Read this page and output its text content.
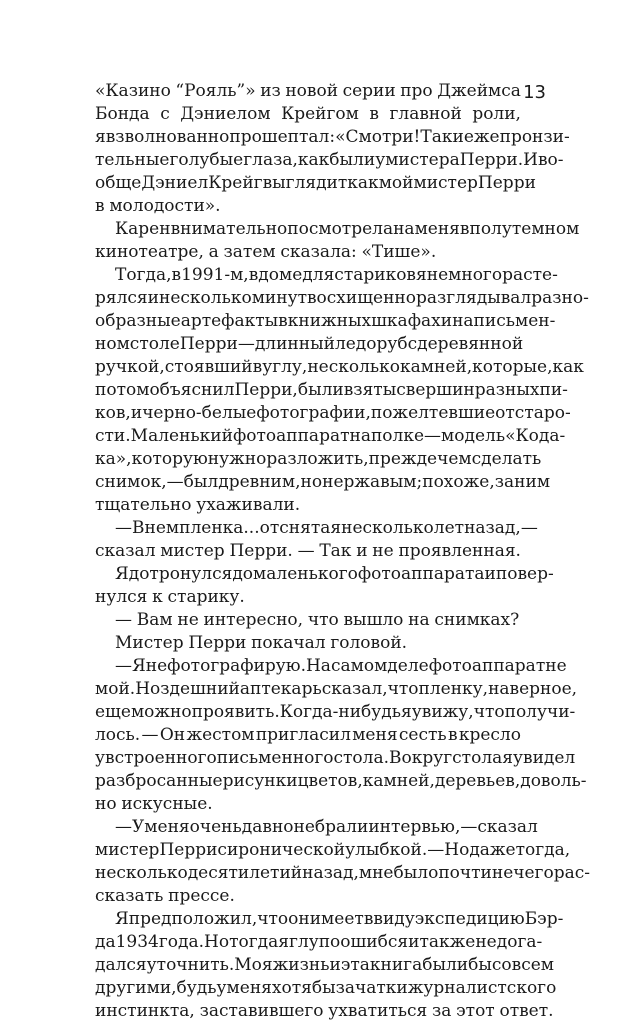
13
«Казино “Рояль”» из новой серии про Джеймса
Бонда с Дэниелом Крейгом в главной роли,
я взволнованно прошептал: «Смотри! Такие же пронзи-
тельные голубые глаза, как были у мистера Перри. И во-
обще Дэниел Крейг выглядит как мой мистер Перри
в молодости».
Карен внимательно посмотрела на меня в полутемном
кинотеатре, а затем сказала: «Тише».
Тогда, в 1991-м, в доме для стариков я немного расте-
рялся и несколько минут восхищенно разглядывал разно-
образные артефакты в книжных шкафах и на письмен-
ном столе Перри — длинный ледоруб с деревянной
ручкой, стоявший в углу, несколько камней, которые, как
потом объяснил Перри, были взяты с вершин разных пи-
ков, и черно-белые фотографии, пожелтевшие от старо-
сти. Маленький фотоаппарат на полке — модель «Кода-
ка», которую нужно разложить, прежде чем сделать
снимок, — был древним, но не ржавым; похоже, за ним
тщательно ухаживали.
— В нем пленка... отснятая несколько лет назад, —
сказал мистер Перри. — Так и не проявленная.
Я дотронулся до маленького фотоаппарата и повер-
нулся к старику.
— Вам не интересно, что вышло на снимках?
Мистер Перри покачал головой.
— Я не фотографирую. На самом деле фотоаппарат не
мой. Но здешний аптекарь сказал, что пленку, наверное,
еще можно проявить. Когда-нибудь я увижу, что получи-
лось. — Он жестом пригласил меня сесть в кресло
у встроенного письменного стола. Вокруг стола я увидел
разбросанные рисунки цветов, камней, деревьев, доволь-
но искусные.
— У меня очень давно не брали интервью, — сказал
мистер Перри с иронической улыбкой. — Но даже тогда,
несколько десятилетий назад, мне было почти нечего рас-
сказать прессе.
Я предположил, что он имеет в виду экспедицию Бэр-
да 1934 года. Но тогда я глупо ошибся и также не дога-
дался уточнить. Моя жизнь и эта книга были бы совсем
другими, будь у меня хотя бы зачатки журналистского
инстинкта, заставившего ухватиться за этот ответ.
